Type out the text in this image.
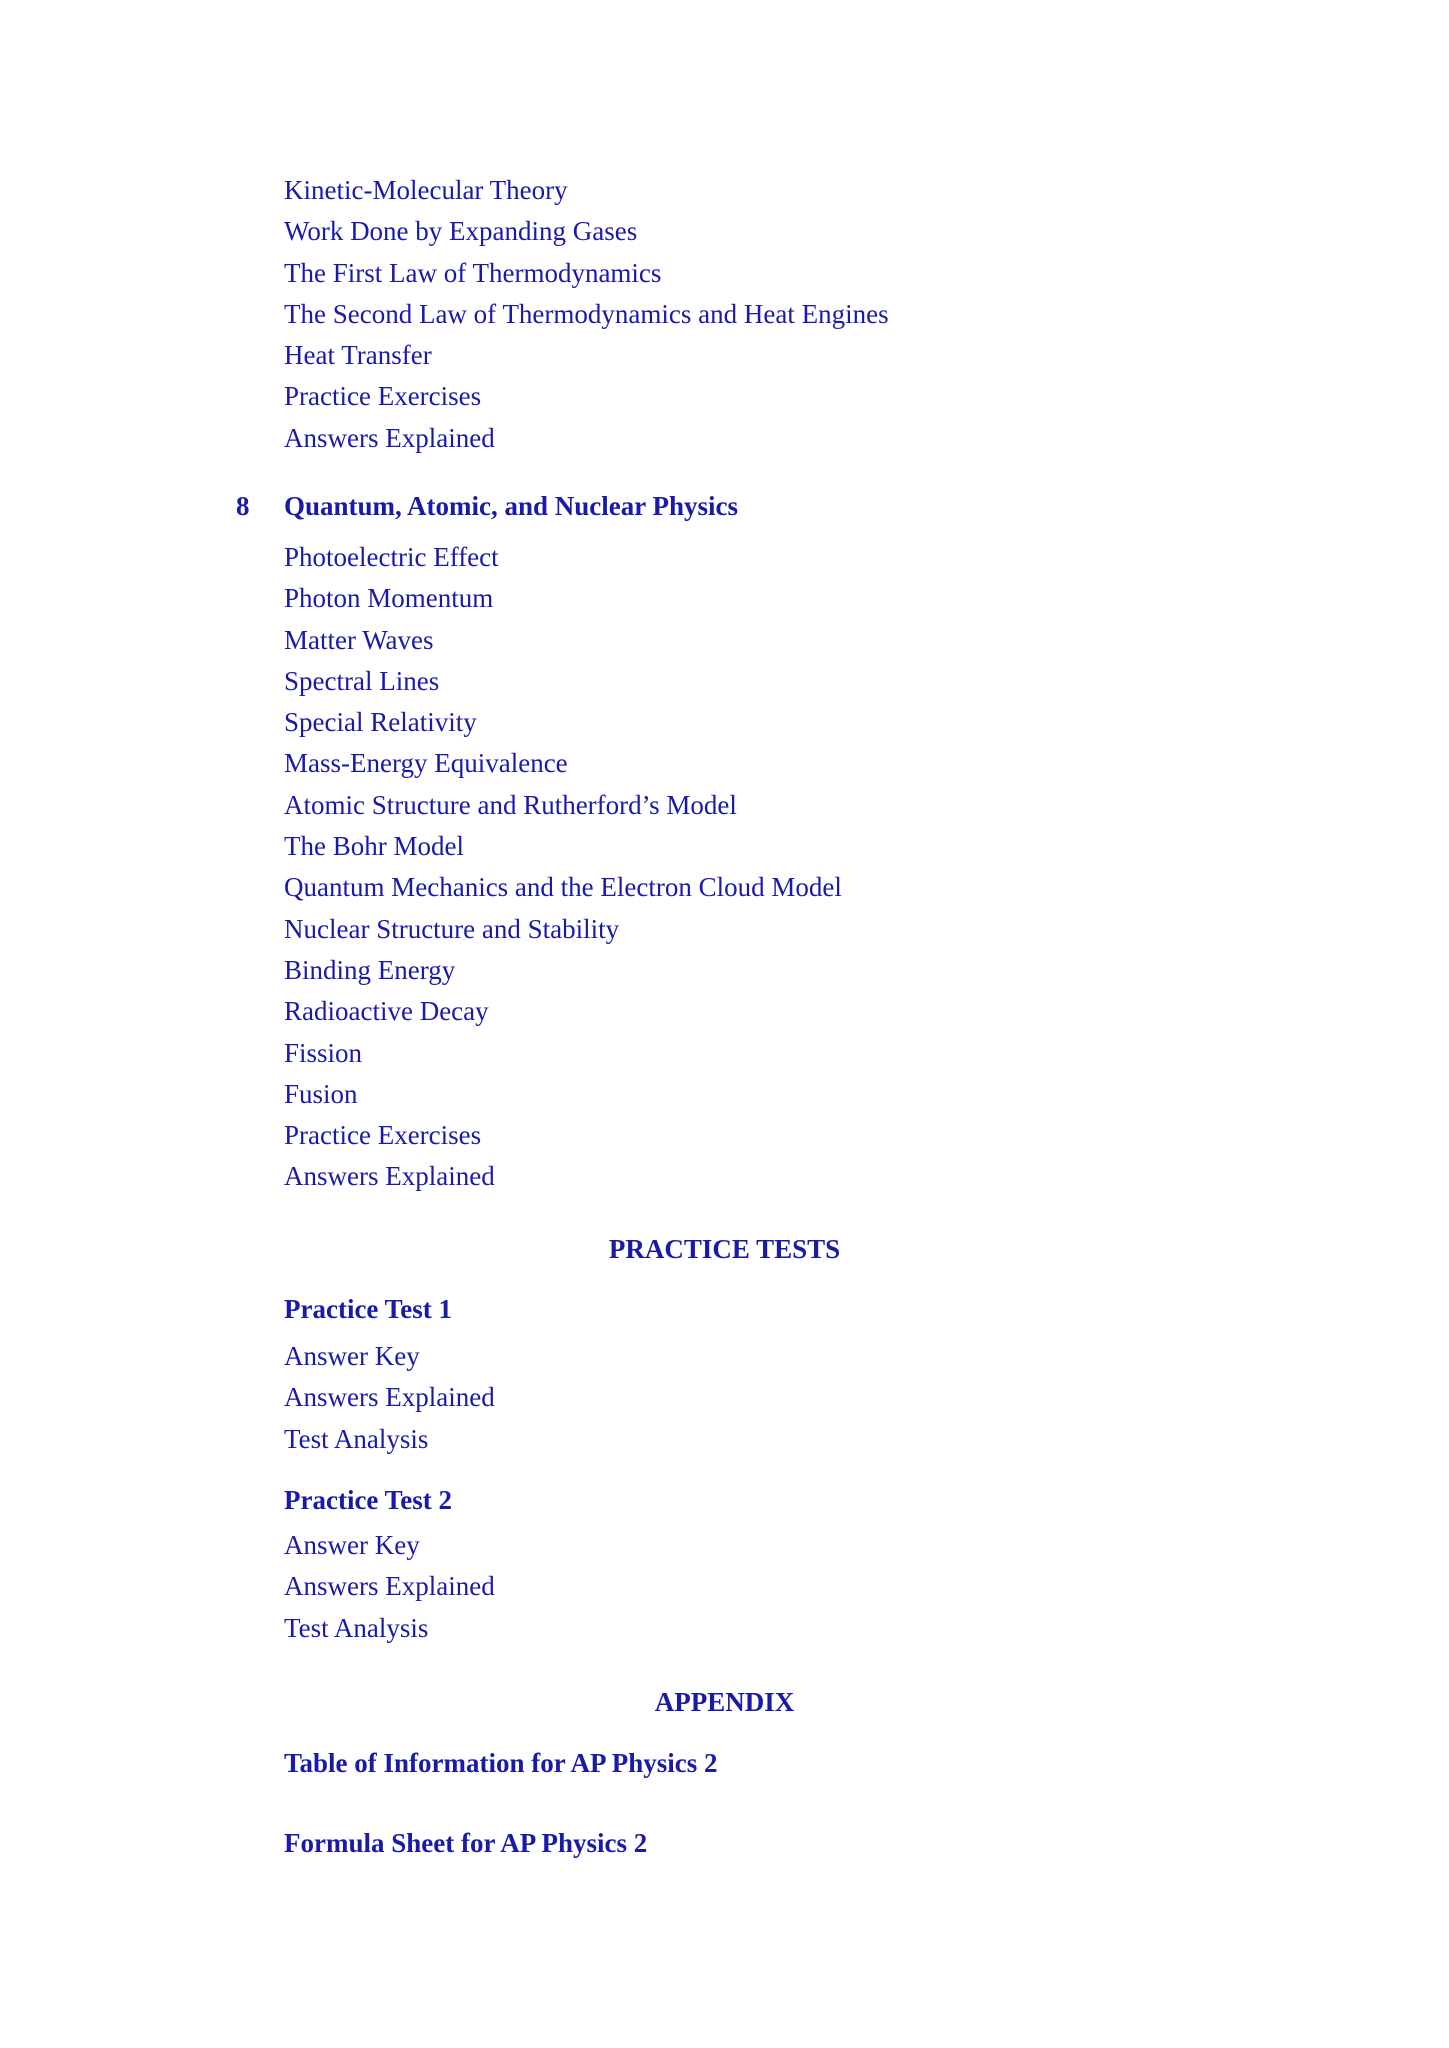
Kinetic-Molecular Theory
Work Done by Expanding Gases
The First Law of Thermodynamics
The Second Law of Thermodynamics and Heat Engines
Heat Transfer
Practice Exercises
Answers Explained
8 Quantum, Atomic, and Nuclear Physics
Photoelectric Effect
Photon Momentum
Matter Waves
Spectral Lines
Special Relativity
Mass-Energy Equivalence
Atomic Structure and Rutherford’s Model
The Bohr Model
Quantum Mechanics and the Electron Cloud Model
Nuclear Structure and Stability
Binding Energy
Radioactive Decay
Fission
Fusion
Practice Exercises
Answers Explained
PRACTICE TESTS
Practice Test 1
Answer Key
Answers Explained
Test Analysis
Practice Test 2
Answer Key
Answers Explained
Test Analysis
APPENDIX
Table of Information for AP Physics 2
Formula Sheet for AP Physics 2
